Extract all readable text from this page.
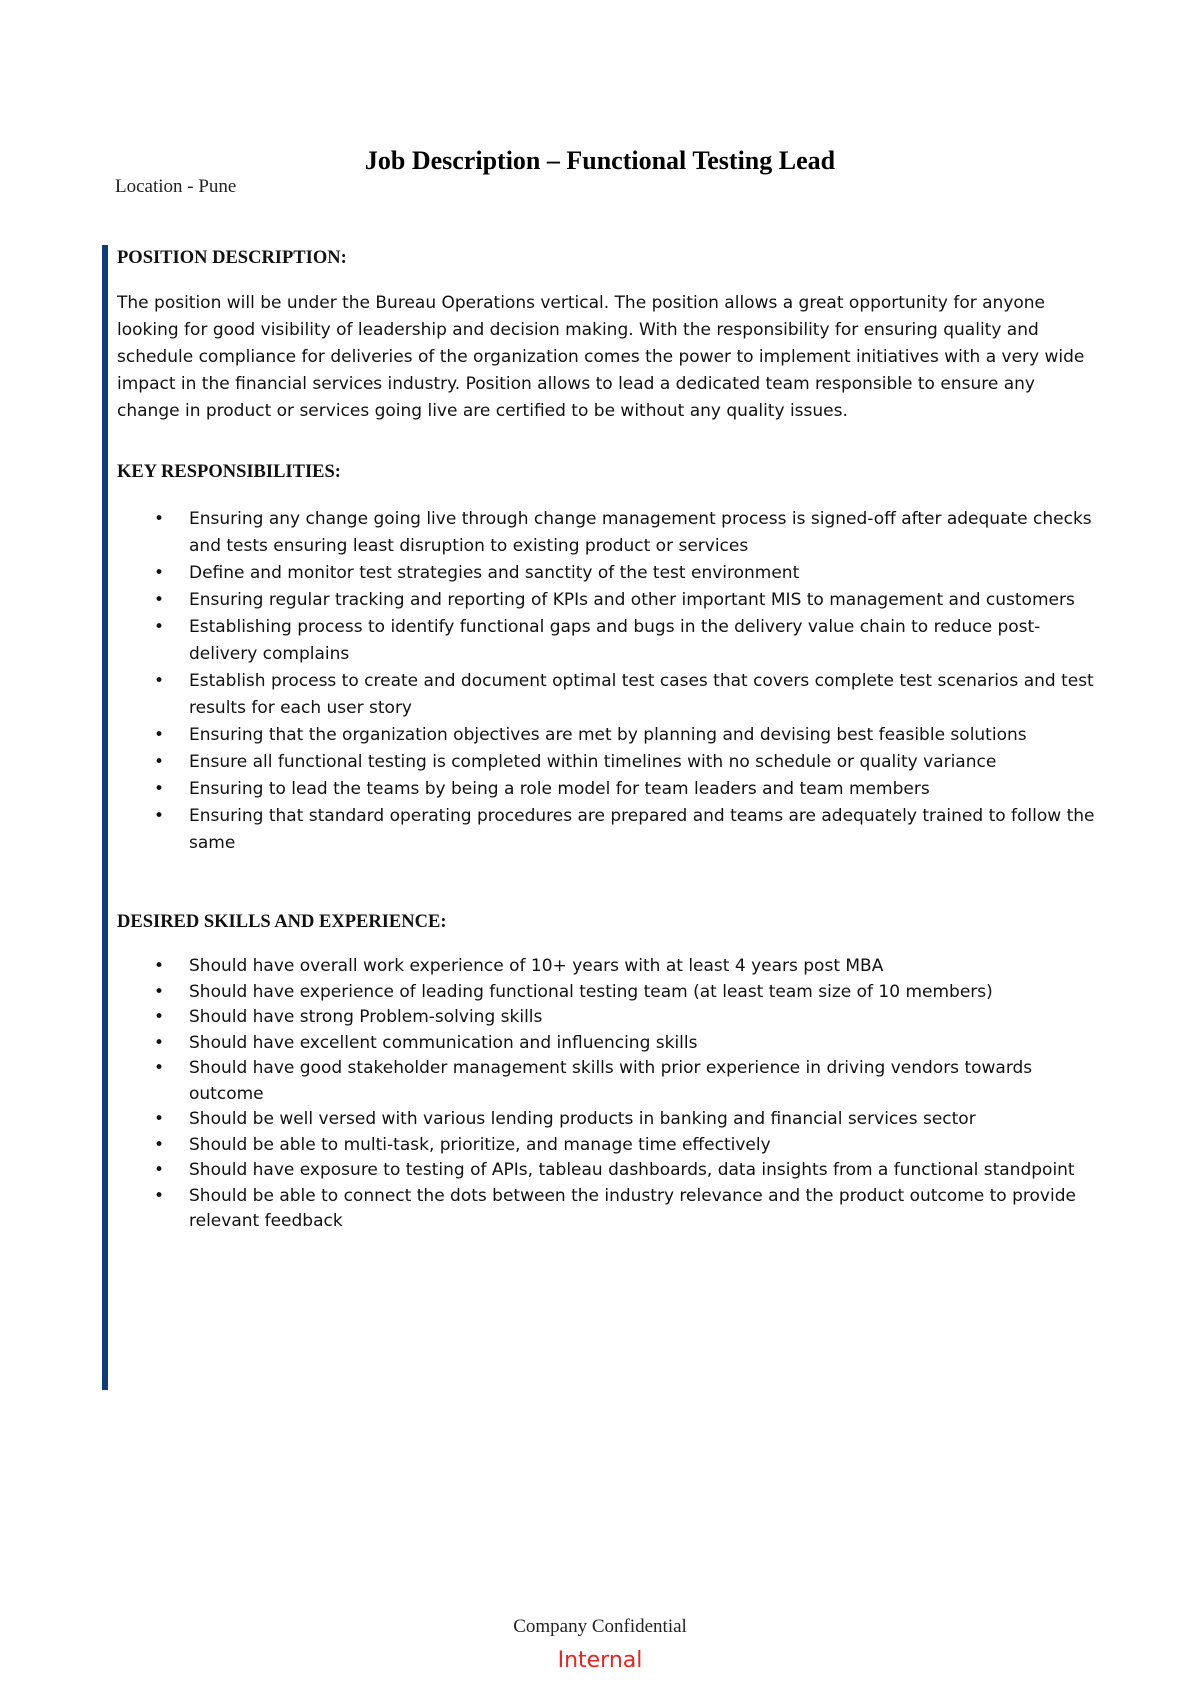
Job Description – Functional Testing Lead
Location - Pune
POSITION DESCRIPTION:

The position will be under the Bureau Operations vertical. The position allows a great opportunity for anyone looking for good visibility of leadership and decision making. With the responsibility for ensuring quality and schedule compliance for deliveries of the organization comes the power to implement initiatives with a very wide impact in the financial services industry. Position allows to lead a dedicated team responsible to ensure any change in product or services going live are certified to be without any quality issues.

KEY RESPONSIBILITIES:
• Ensuring any change going live through change management process is signed-off after adequate checks and tests ensuring least disruption to existing product or services
• Define and monitor test strategies and sanctity of the test environment
• Ensuring regular tracking and reporting of KPIs and other important MIS to management and customers
• Establishing process to identify functional gaps and bugs in the delivery value chain to reduce post-delivery complains
• Establish process to create and document optimal test cases that covers complete test scenarios and test results for each user story
• Ensuring that the organization objectives are met by planning and devising best feasible solutions
• Ensure all functional testing is completed within timelines with no schedule or quality variance
• Ensuring to lead the teams by being a role model for team leaders and team members
• Ensuring that standard operating procedures are prepared and teams are adequately trained to follow the same
DESIRED SKILLS AND EXPERIENCE:
• Should have overall work experience of 10+ years with at least 4 years post MBA
• Should have experience of leading functional testing team (at least team size of 10 members)
• Should have strong Problem-solving skills
• Should have excellent communication and influencing skills
• Should have good stakeholder management skills with prior experience in driving vendors towards outcome
• Should be well versed with various lending products in banking and financial services sector
• Should be able to multi-task, prioritize, and manage time effectively
• Should have exposure to testing of APIs, tableau dashboards, data insights from a functional standpoint
• Should be able to connect the dots between the industry relevance and the product outcome to provide relevant feedback
Company Confidential
Internal
